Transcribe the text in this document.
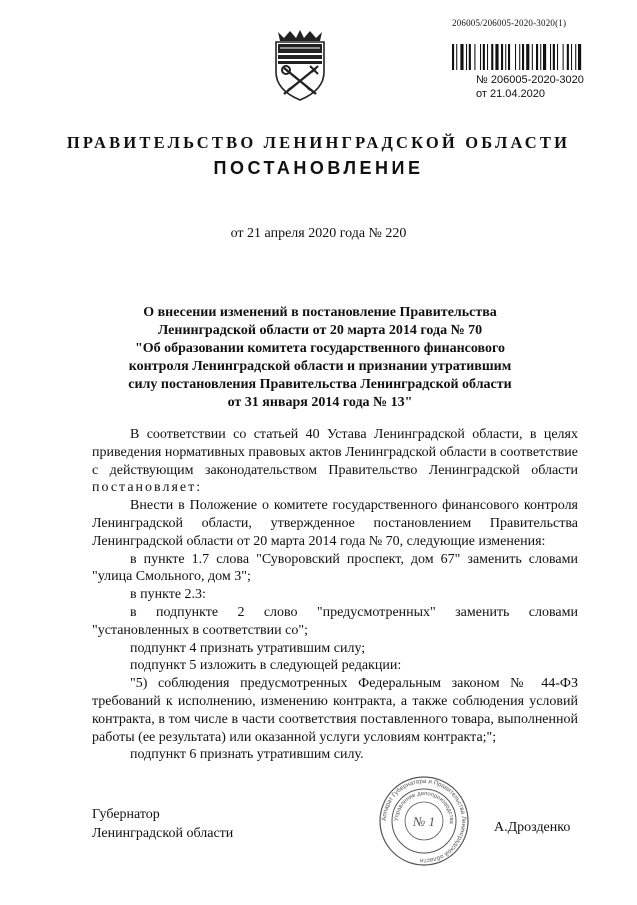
206005/206005-2020-3020(1)
№ 206005-2020-3020
от 21.04.2020
ПРАВИТЕЛЬСТВО ЛЕНИНГРАДСКОЙ ОБЛАСТИ
ПОСТАНОВЛЕНИЕ
от 21 апреля 2020 года № 220
О внесении изменений в постановление Правительства
Ленинградской области от 20 марта 2014 года № 70
"Об образовании комитета государственного финансового
контроля Ленинградской области и признании утратившим
силу постановления Правительства Ленинградской области
от 31 января 2014 года № 13"

В соответствии со статьей 40 Устава Ленинградской области, в целях приведения нормативных правовых актов Ленинградской области в соответствие с действующим законодательством Правительство Ленинградской области постановляет:

Внести в Положение о комитете государственного финансового контроля Ленинградской области, утвержденное постановлением Правительства Ленинградской области от 20 марта 2014 года № 70, следующие изменения:

в пункте 1.7 слова "Суворовский проспект, дом 67" заменить словами "улица Смольного, дом 3";

в пункте 2.3:

в подпункте 2 слово "предусмотренных" заменить словами "установленных в соответствии со";

подпункт 4 признать утратившим силу;

подпункт 5 изложить в следующей редакции:

"5) соблюдения предусмотренных Федеральным законом № 44-ФЗ требований к исполнению, изменению контракта, а также соблюдения условий контракта, в том числе в части соответствия поставленного товара, выполненной работы (ее результата) или оказанной услуги условиям контракта;";

подпункт 6 признать утратившим силу.

Губернатор
Ленинградской области	А.Дрозденко
Аппарат Губернатора и Правительства Ленинградской области
Управление делопроизводства
№ 1
